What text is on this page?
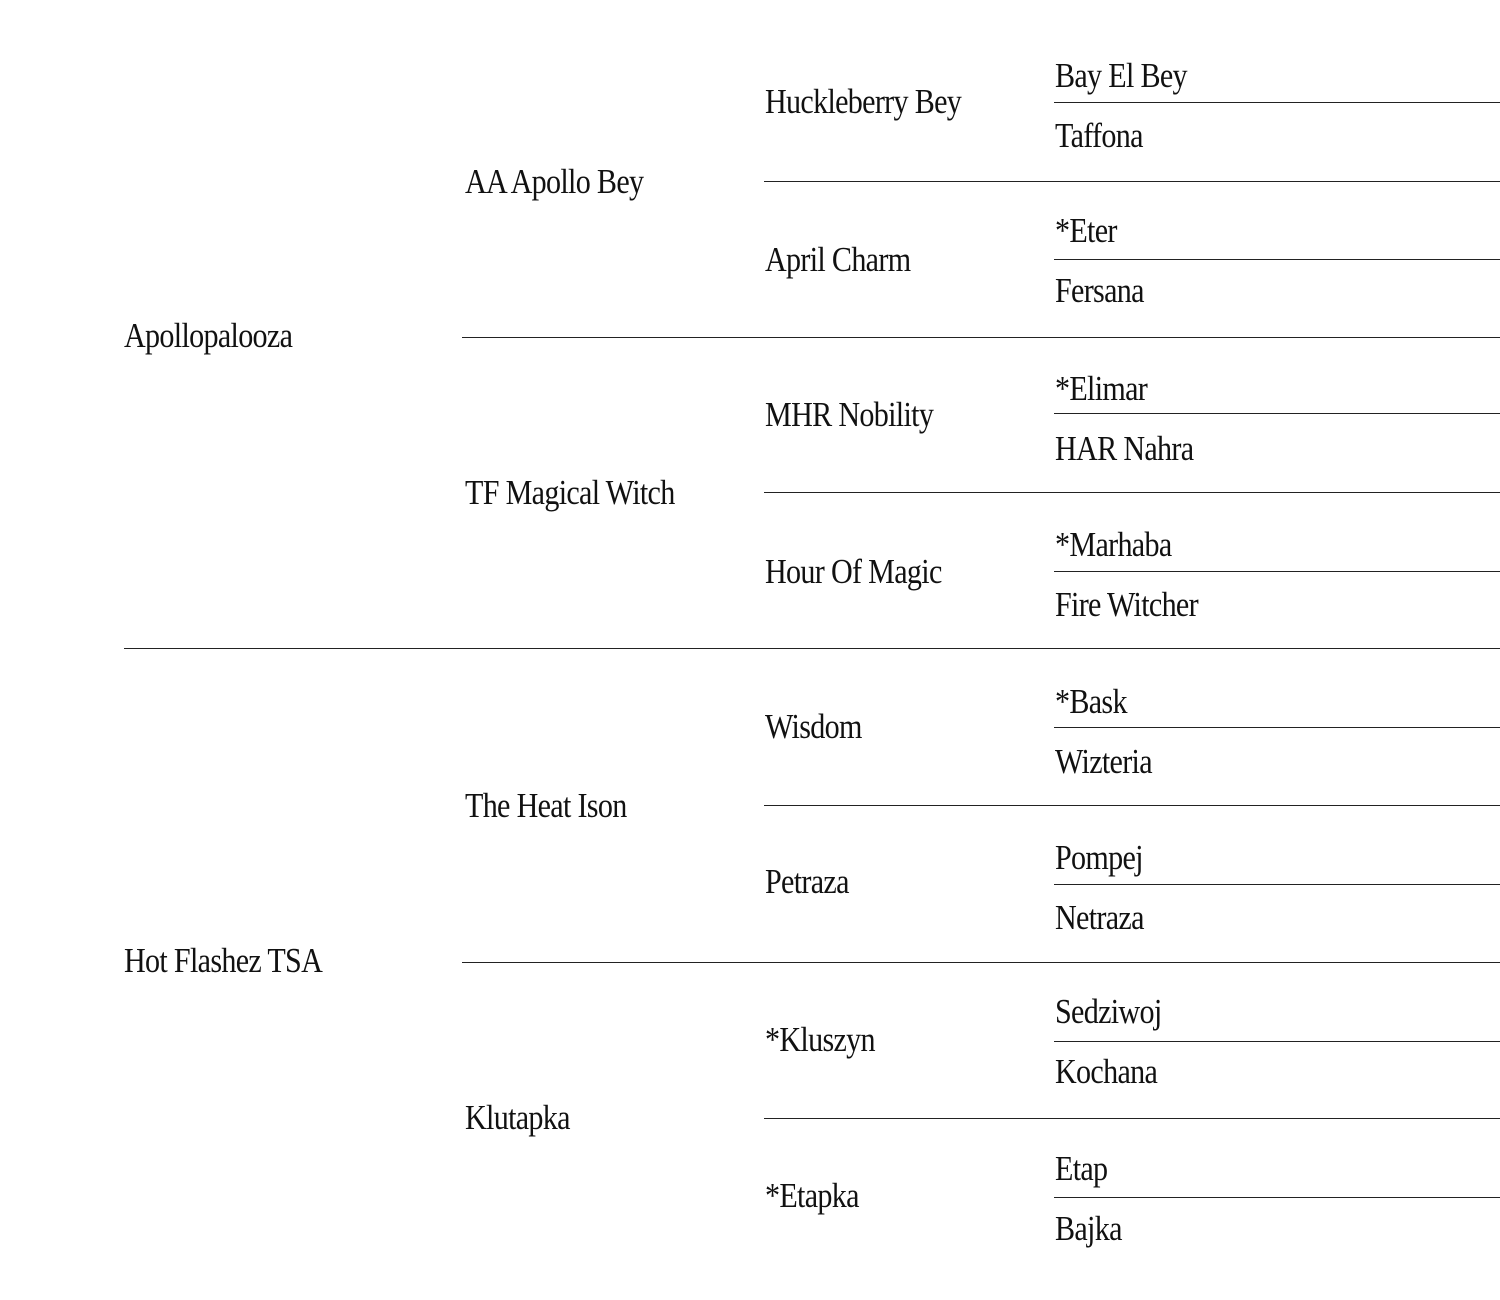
Apollopalooza
Hot Flashez TSA
AA Apollo Bey
TF Magical Witch
The Heat Ison
Klutapka
Huckleberry Bey
April Charm
MHR Nobility
Hour Of Magic
Wisdom
Petraza
*Kluszyn
*Etapka
Bay El Bey
Taffona
*Eter
Fersana
*Elimar
HAR Nahra
*Marhaba
Fire Witcher
*Bask
Wizteria
Pompej
Netraza
Sedziwoj
Kochana
Etap
Bajka
